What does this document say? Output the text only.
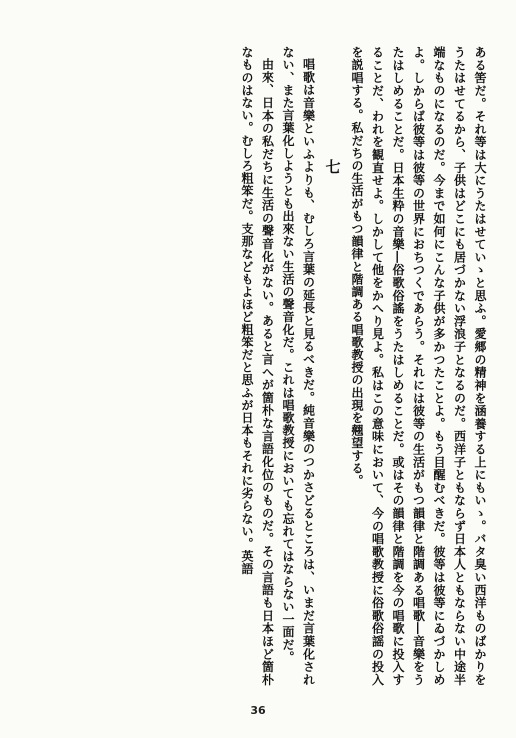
ある筈だ。それ等は大にうたはせていゝと思ふ。愛郷の精神を涵養する上にもいゝ。バタ臭い西洋ものばかりをうたはせてるから、子供はどこにも居づかない浮浪子となるのだ。西洋子ともならず日本人ともならない中途半端なものになるのだ。今まで如何にこんな子供が多かつたことよ。もう目醒むべきだ。彼等は彼等にゐづかしめよ。しからば彼等は彼等の世界におちつくであらう。それには彼等の生活がもつ韻律と階調ある唱歌―音樂をうたはしめることだ。日本生粋の音樂―俗歌俗謠をうたはしめることだ。或はその韻律と階調を今の唱歌に投入することだ、われを観直せよ。しかして他をかへり見よ。私はこの意味において、今の唱歌教授に俗歌俗謡の投入を説唱する。私だちの生活がもつ韻律と階調ある唱歌教授の出現を翹望する。

七

唱歌は音樂といふよりも、むしろ言葉の延長と見るべきだ。純音樂のつかさどるところは、いまだ言葉化されない、また言葉化しようとも出來ない生活の聲音化だ。これは唱歌教授においても忘れてはならない一面だ。

由來、日本の私だちに生活の聲音化がない。あると言へが箇朴な言語化位のものだ。その言語も日本ほど箇朴なものはない。むしろ粗笨だ。支那などもよほど粗笨だと思ふが日本もそれに劣らない。英語

36
